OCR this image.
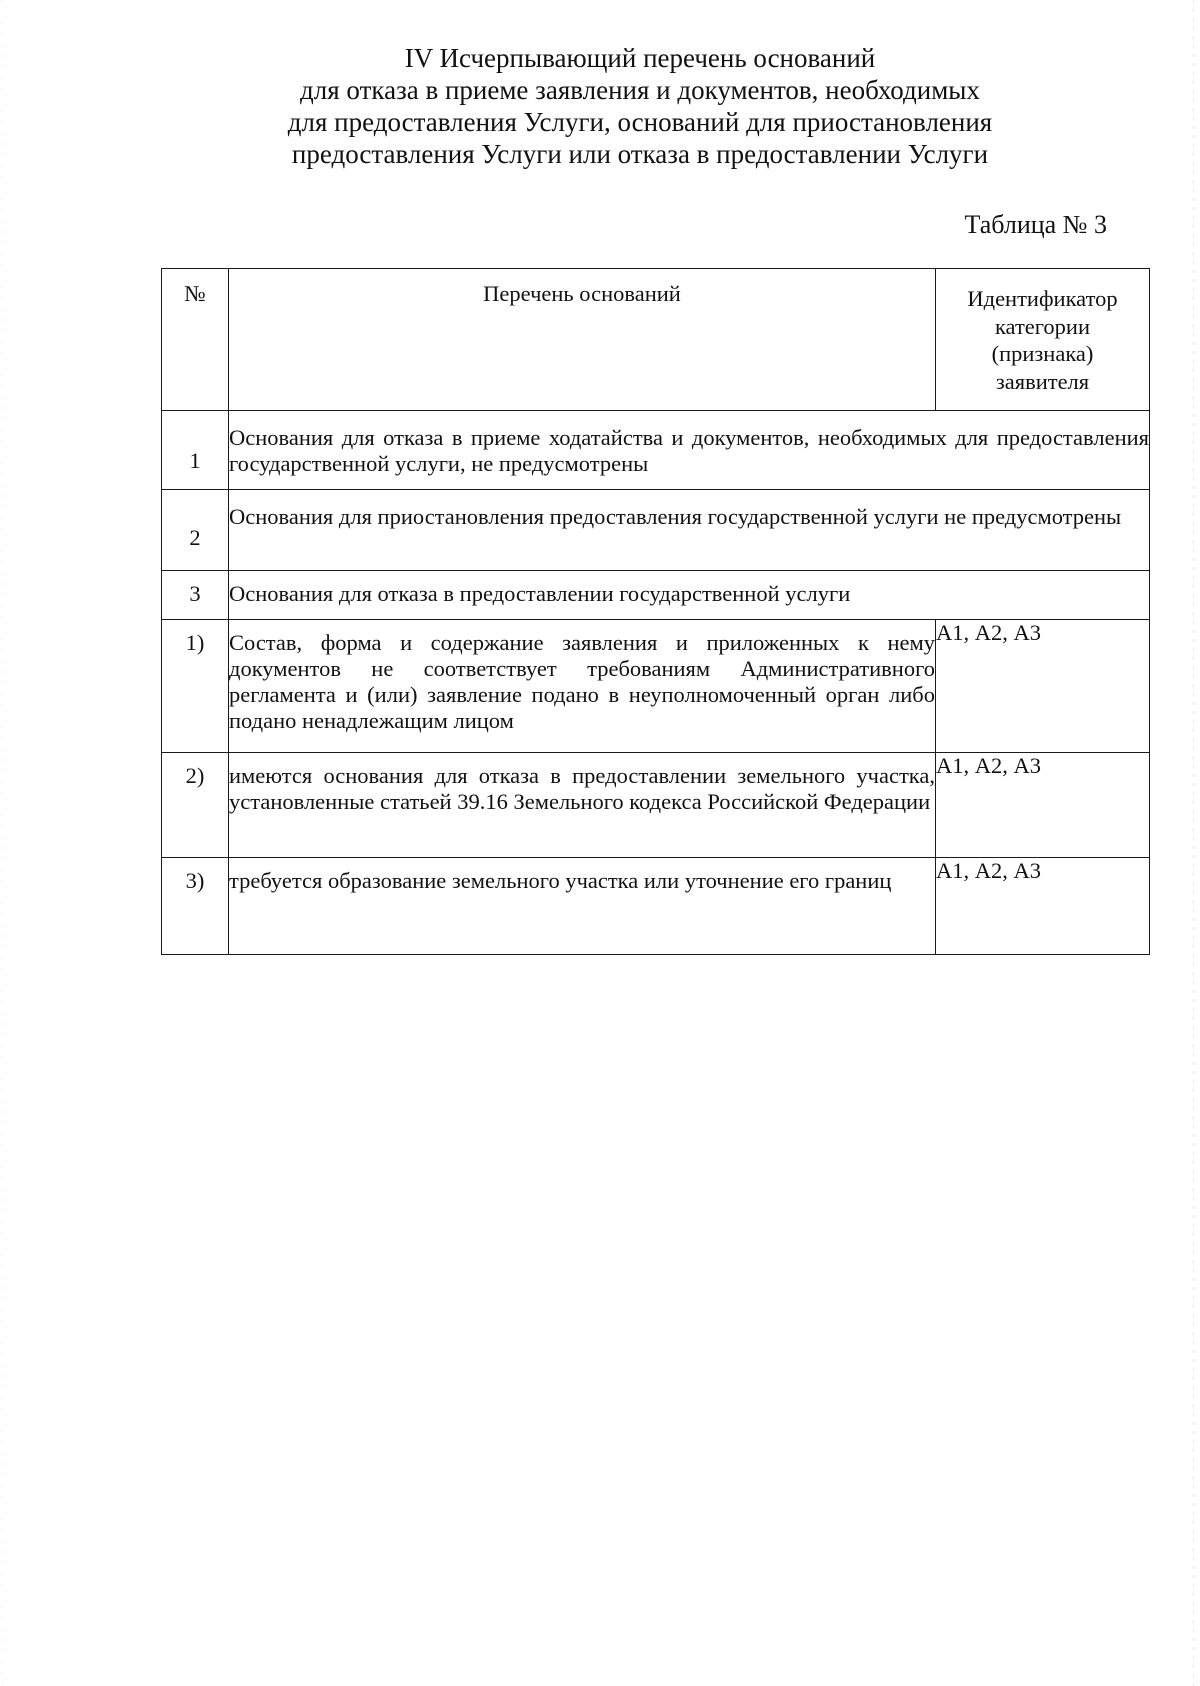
IV Исчерпывающий перечень оснований
для отказа в приеме заявления и документов, необходимых
для предоставления Услуги, оснований для приостановления
предоставления Услуги или отказа в предоставлении Услуги
Таблица № 3
№	Перечень оснований	Идентификатор категории (признака) заявителя
1	Основания для отказа в приеме ходатайства и документов, необходимых для предоставления государственной услуги, не предусмотрены	
2	Основания для приостановления предоставления государственной услуги не предусмотрены	
3	Основания для отказа в предоставлении государственной услуги	
1)	Состав, форма и содержание заявления и приложенных к нему документов не соответствует требованиям Административного регламента и (или) заявление подано в неуполномоченный орган либо подано ненадлежащим лицом	А1, А2, А3
2)	имеются основания для отказа в предоставлении земельного участка, установленные статьей 39.16 Земельного кодекса Российской Федерации	А1, А2, А3
3)	требуется образование земельного участка или уточнение его границ	А1, А2, А3
